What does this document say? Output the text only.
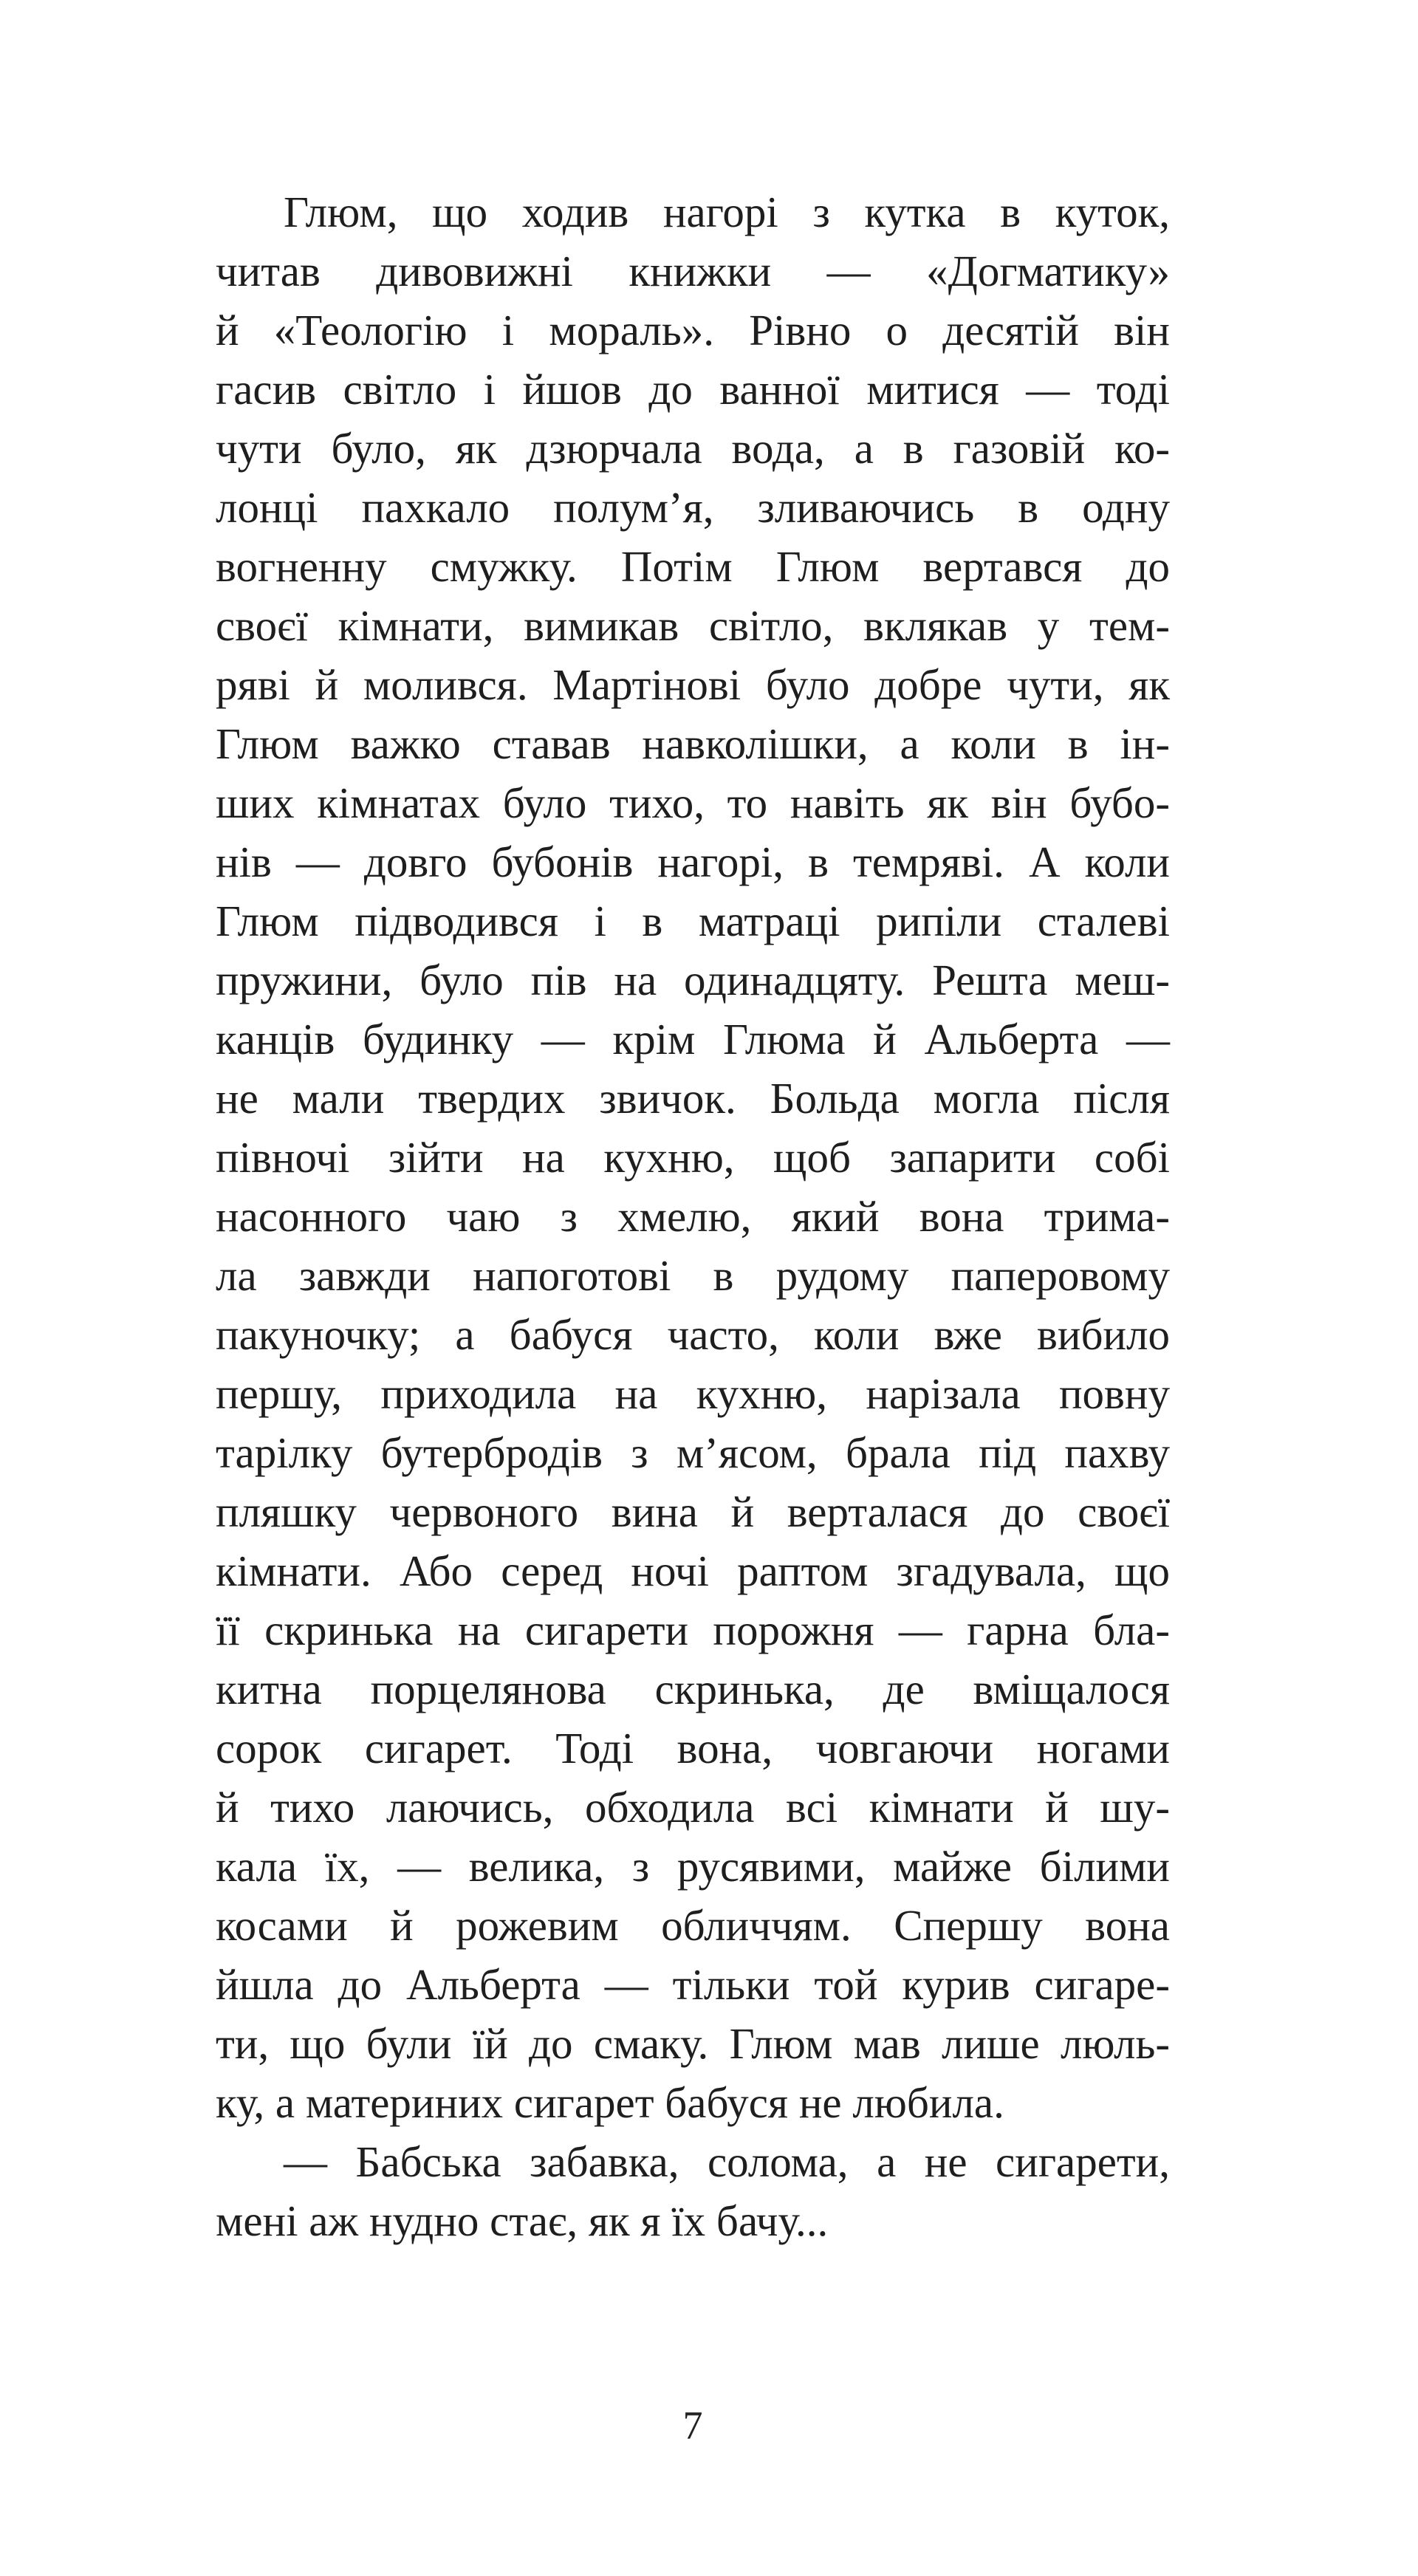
Глюм, що ходив нагорі з кутка в куток,
читав дивовижні книжки — «Догматику»
й «Теологію і мораль». Рівно о десятій він
гасив світло і йшов до ванної митися — тоді
чути було, як дзюрчала вода, а в газовій ко-
лонці пахкало полум’я, зливаючись в одну
вогненну смужку. Потім Глюм вертався до
своєї кімнати, вимикав світло, вклякав у тем-
ряві й молився. Мартінові було добре чути, як
Глюм важко ставав навколішки, а коли в ін-
ших кімнатах було тихо, то навіть як він бубо-
нів — довго бубонів нагорі, в темряві. А коли
Глюм підводився і в матраці рипіли сталеві
пружини, було пів на одинадцяту. Решта меш-
канців будинку — крім Глюма й Альберта —
не мали твердих звичок. Больда могла після
півночі зійти на кухню, щоб запарити собі
насонного чаю з хмелю, який вона трима-
ла завжди напоготові в рудому паперовому
пакуночку; а бабуся часто, коли вже вибило
першу, приходила на кухню, нарізала повну
тарілку бутербродів з м’ясом, брала під пахву
пляшку червоного вина й верталася до своєї
кімнати. Або серед ночі раптом згадувала, що
її скринька на сигарети порожня — гарна бла-
китна порцелянова скринька, де вміщалося
сорок сигарет. Тоді вона, човгаючи ногами
й тихо лаючись, обходила всі кімнати й шу-
кала їх, — велика, з русявими, майже білими
косами й рожевим обличчям. Спершу вона
йшла до Альберта — тільки той курив сигаре-
ти, що були їй до смаку. Глюм мав лише люль-
ку, а материних сигарет бабуся не любила.
— Бабська забавка, солома, а не сигарети,
мені аж нудно стає, як я їх бачу...
7
